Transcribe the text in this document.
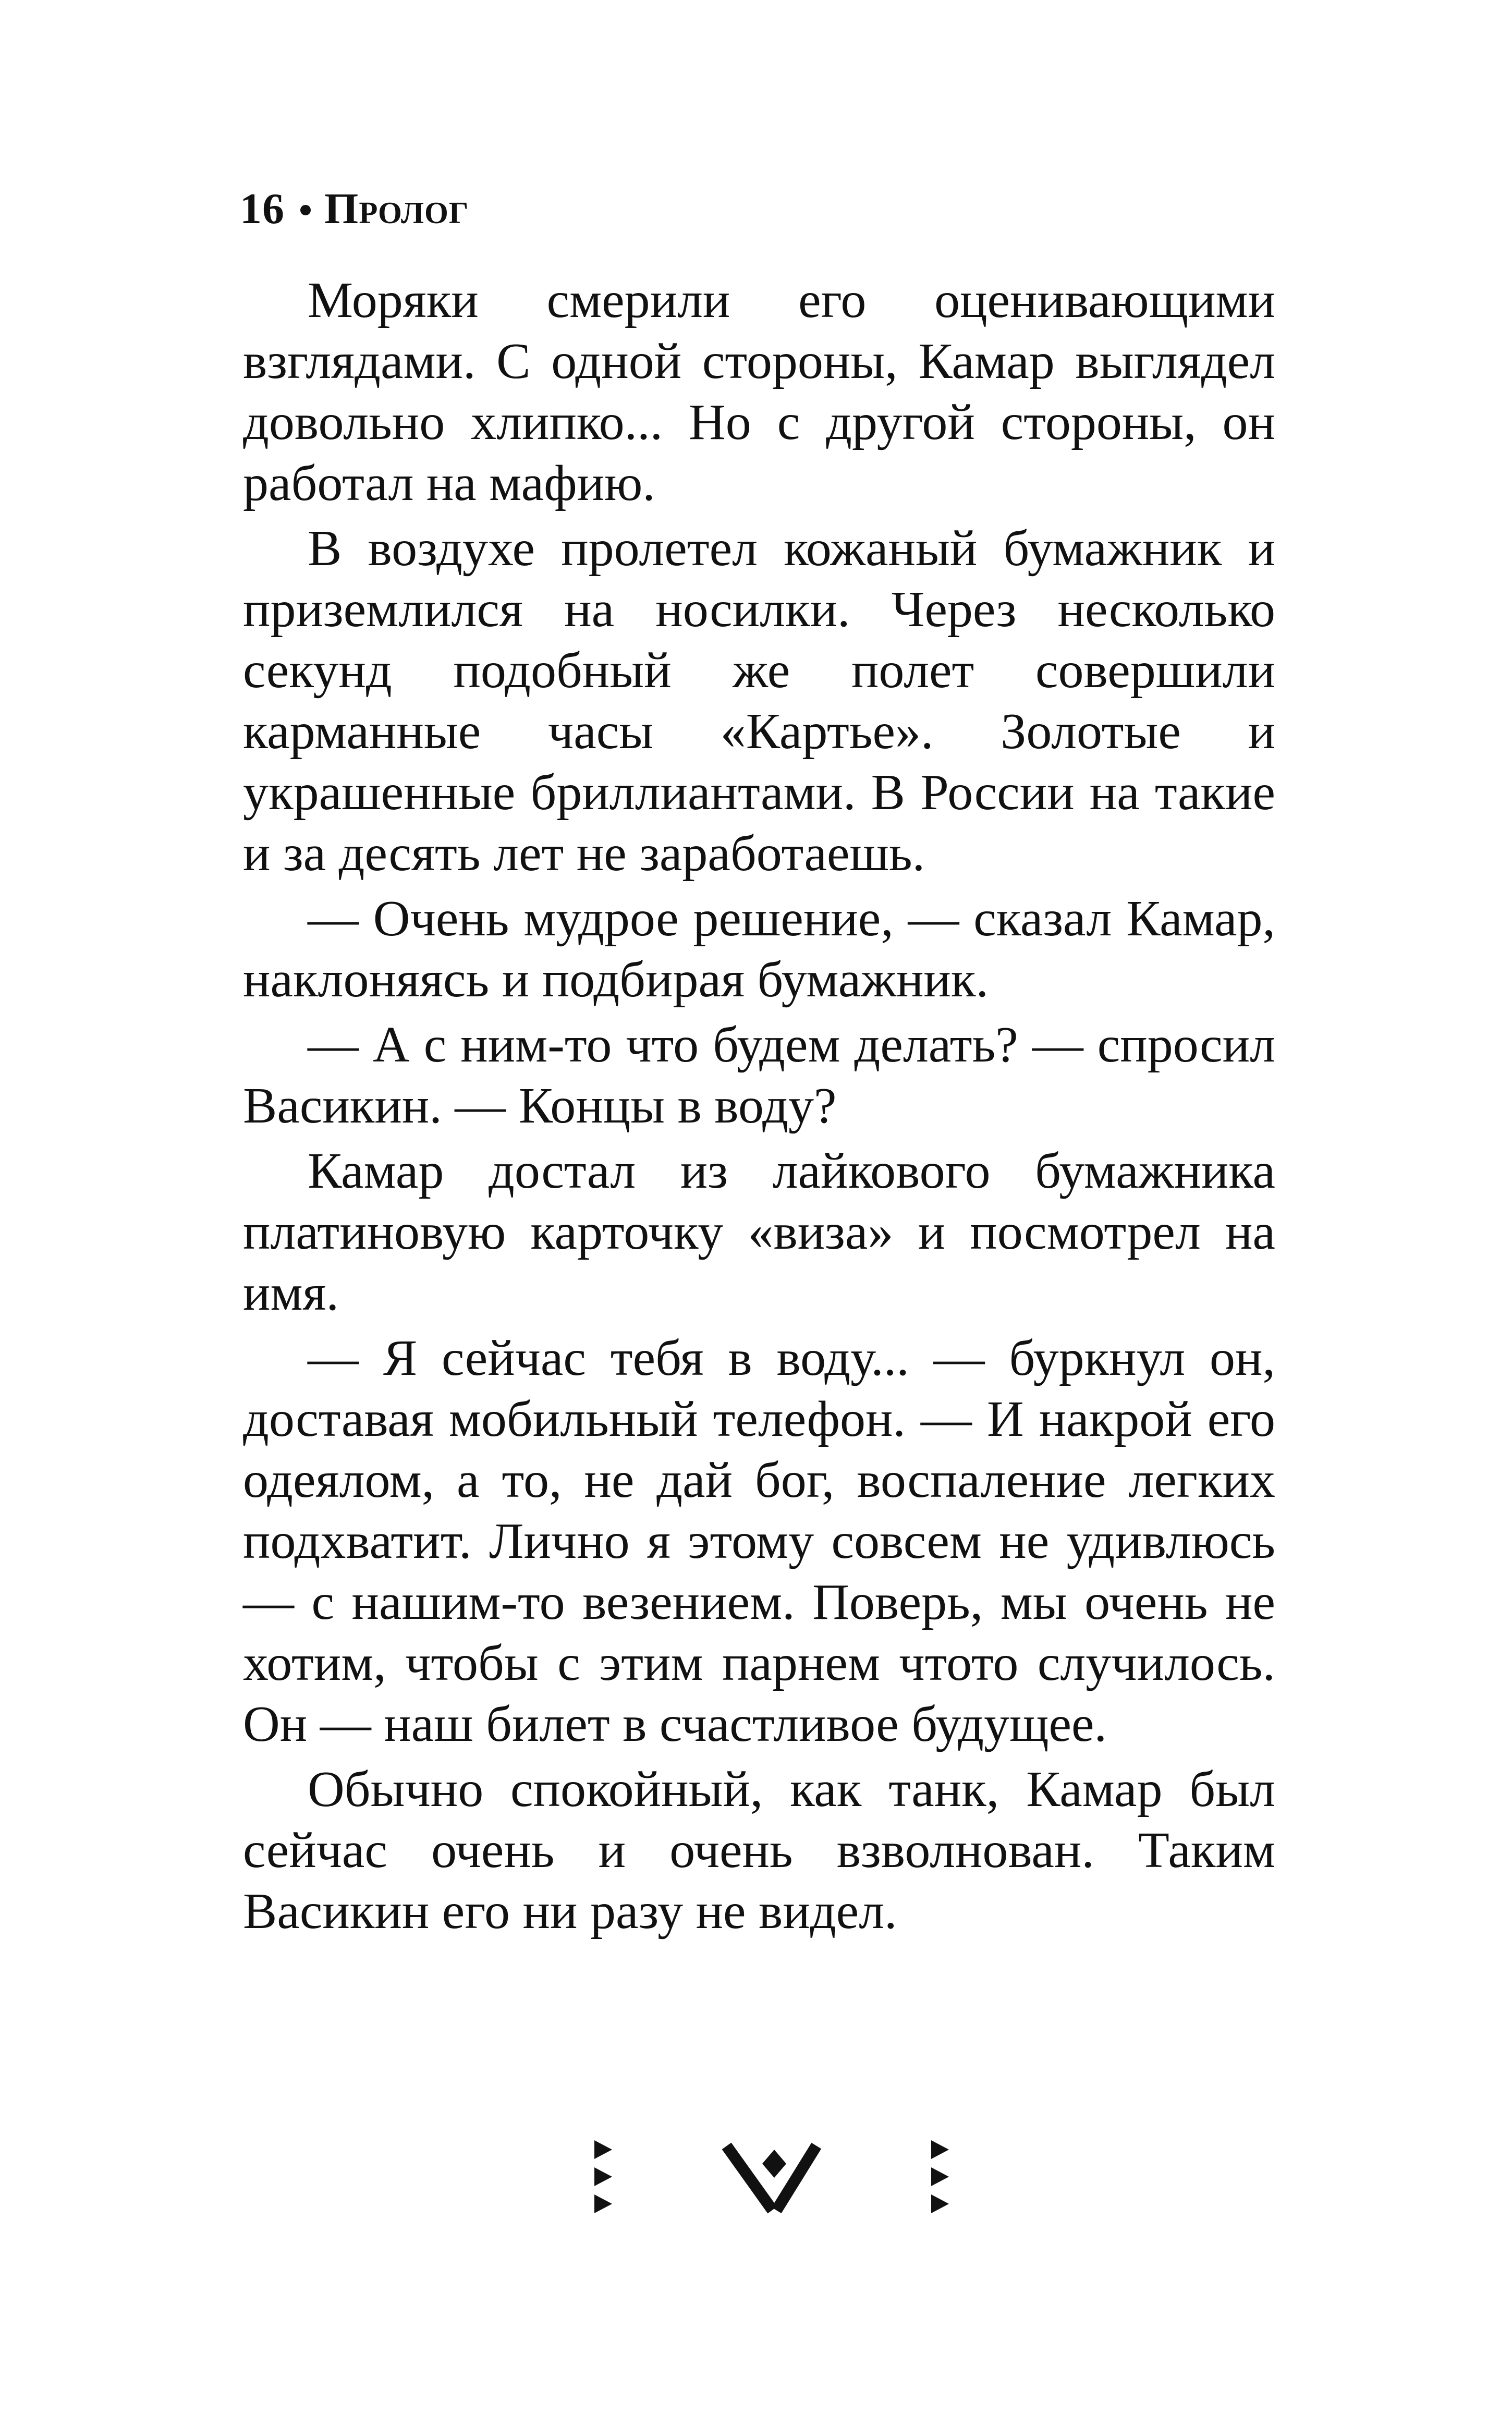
16 Пролог

Моряки смерили его оценивающими взглядами. С одной стороны, Камар выглядел довольно хлипко... Но с другой стороны, он работал на мафию.

В воздухе пролетел кожаный бумажник и приземлился на носилки. Через несколько секунд подобный же полет совершили карманные часы «Картье». Золотые и украшенные бриллиантами. В России на такие и за десять лет не заработаешь.

— Очень мудрое решение, — сказал Камар, наклоняясь и подбирая бумажник.

— А с ним-то что будем делать? — спросил Васикин. — Концы в воду?

Камар достал из лайкового бумажника платиновую карточку «виза» и посмотрел на имя.

— Я сейчас тебя в воду... — буркнул он, доставая мобильный телефон. — И накрой его одеялом, а то, не дай бог, воспаление легких подхватит. Лично я этому совсем не удивлюсь — с нашим-то везением. Поверь, мы очень не хотим, чтобы с этим парнем чтото случилось. Он — наш билет в счастливое будущее.

Обычно спокойный, как танк, Камар был сейчас очень и очень взволнован. Таким Васикин его ни разу не видел.
